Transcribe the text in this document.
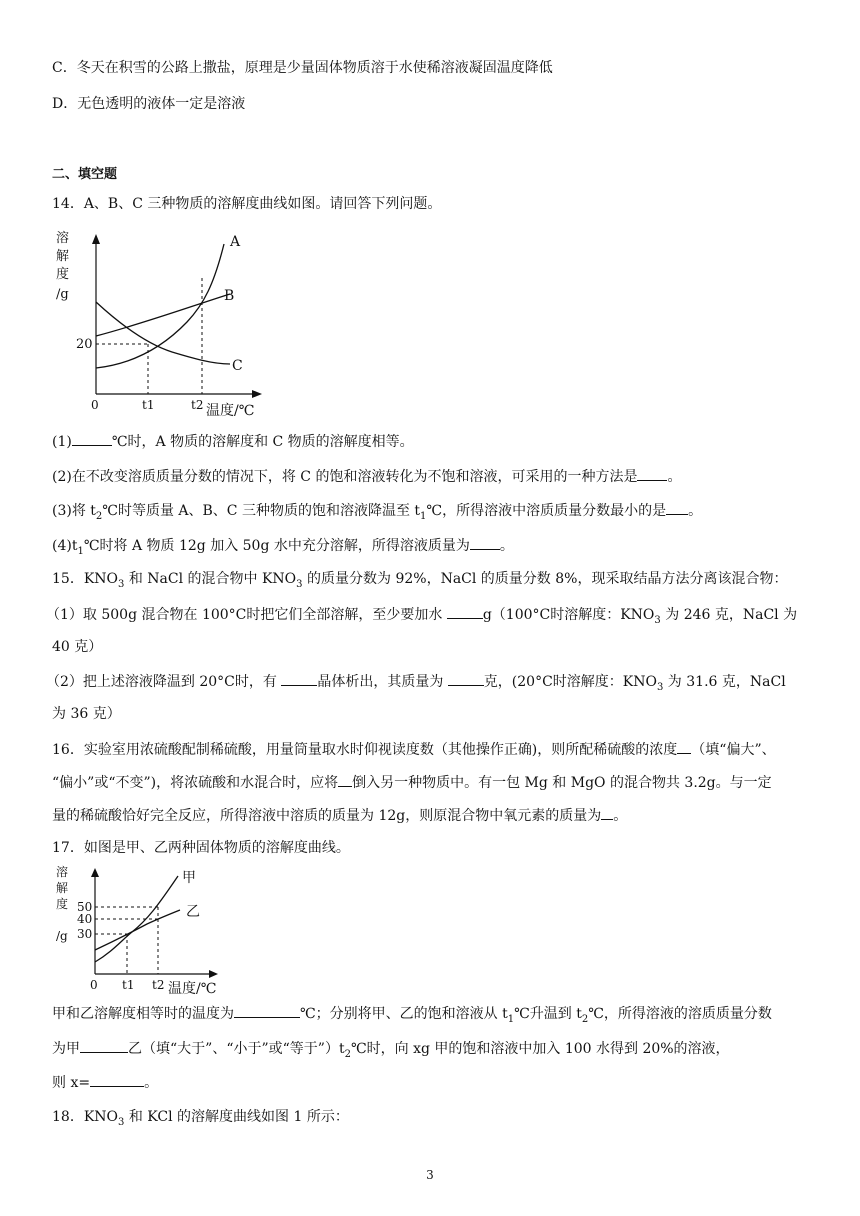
C．冬天在积雪的公路上撒盐，原理是少量固体物质溶于水使稀溶液凝固温度降低
D．无色透明的液体一定是溶液
二、填空题
14．A、B、C 三种物质的溶解度曲线如图。请回答下列问题。
溶
解
度
/g
20
0	t1	t2 温度/℃
A
B
C
(1)	℃时，A 物质的溶解度和 C 物质的溶解度相等。
(2)在不改变溶质质量分数的情况下，将 C 的饱和溶液转化为不饱和溶液，可采用的一种方法是 。
(3)将 $t_2℃$时等质量 A、B、C 三种物质的饱和溶液降温至 $t_1℃$，所得溶液中溶质质量分数最小的是 。
$(4)t_1℃$时将 A 物质 12g 加入 50g 水中充分溶解，所得溶液质量为 。
15．$KNO_3$ 和 NaCl 的混合物中 $KNO_3$ 的质量分数为 92%，NaCl 的质量分数 8%，现采取结晶方法分离该混合物：
（1）取 500g 混合物在 100°C时把它们全部溶解，至少要加水	g（100°C时溶解度：$KNO_3$ 为 246 克，NaCl 为
40 克）
（2）把上述溶液降温到 20°C时，有	晶体析出，其质量为	克，(20°C时溶解度：$KNO_3$ 为 31.6 克，NaCl
为 36 克）
16．实验室用浓硫酸配制稀硫酸，用量筒量取水时仰视读度数（其他操作正确)，则所配稀硫酸的浓度 （填“偏大”、
“偏小”或“不变”)，将浓硫酸和水混合时，应将 倒入另一种物质中。有一包 Mg 和 MgO 的混合物共 3.2g。与一定
量的稀硫酸恰好完全反应，所得溶液中溶质的质量为 12g，则原混合物中氧元素的质量为 。
17．如图是甲、乙两种固体物质的溶解度曲线。
溶
解
度
/g
50
40
30
0 t1 t2 温度/℃
甲
乙
甲和乙溶解度相等时的温度为	℃；分别将甲、乙的饱和溶液从 $t_1℃$升温到 $t_2℃$，所得溶液的溶质质量分数
为甲	乙（填“大于”、“小于”或“等于$”)t_2℃$时，向 xg 甲的饱和溶液中加入 100 水得到 20%的溶液，
则 x=	。
18．$KNO_3$ 和 KCl 的溶解度曲线如图 1 所示：
3
